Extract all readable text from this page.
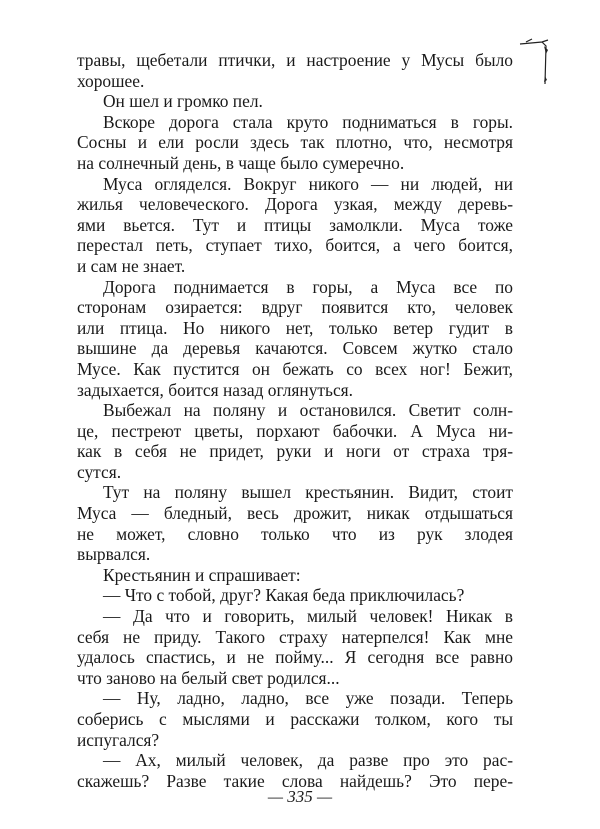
травы, щебетали птички, и настроение у Мусы было
хорошее.
Он шел и громко пел.
Вскоре дорога стала круто подниматься в горы.
Сосны и ели росли здесь так плотно, что, несмотря
на солнечный день, в чаще было сумеречно.
Муса огляделся. Вокруг никого — ни людей, ни
жилья человеческого. Дорога узкая, между деревь-
ями вьется. Тут и птицы замолкли. Муса тоже
перестал петь, ступает тихо, боится, а чего боится,
и сам не знает.
Дорога поднимается в горы, а Муса все по
сторонам озирается: вдруг появится кто, человек
или птица. Но никого нет, только ветер гудит в
вышине да деревья качаются. Совсем жутко стало
Мусе. Как пустится он бежать со всех ног! Бежит,
задыхается, боится назад оглянуться.
Выбежал на поляну и остановился. Светит солн-
це, пестреют цветы, порхают бабочки. А Муса ни-
как в себя не придет, руки и ноги от страха тря-
сутся.
Тут на поляну вышел крестьянин. Видит, стоит
Муса — бледный, весь дрожит, никак отдышаться
не может, словно только что из рук злодея
вырвался.
Крестьянин и спрашивает:
— Что с тобой, друг? Какая беда приключилась?
— Да что и говорить, милый человек! Никак в
себя не приду. Такого страху натерпелся! Как мне
удалось спастись, и не пойму... Я сегодня все равно
что заново на белый свет родился...
— Ну, ладно, ладно, все уже позади. Теперь
соберись с мыслями и расскажи толком, кого ты
испугался?
— Ах, милый человек, да разве про это рас-
скажешь? Разве такие слова найдешь? Это пере-
— 335 —
